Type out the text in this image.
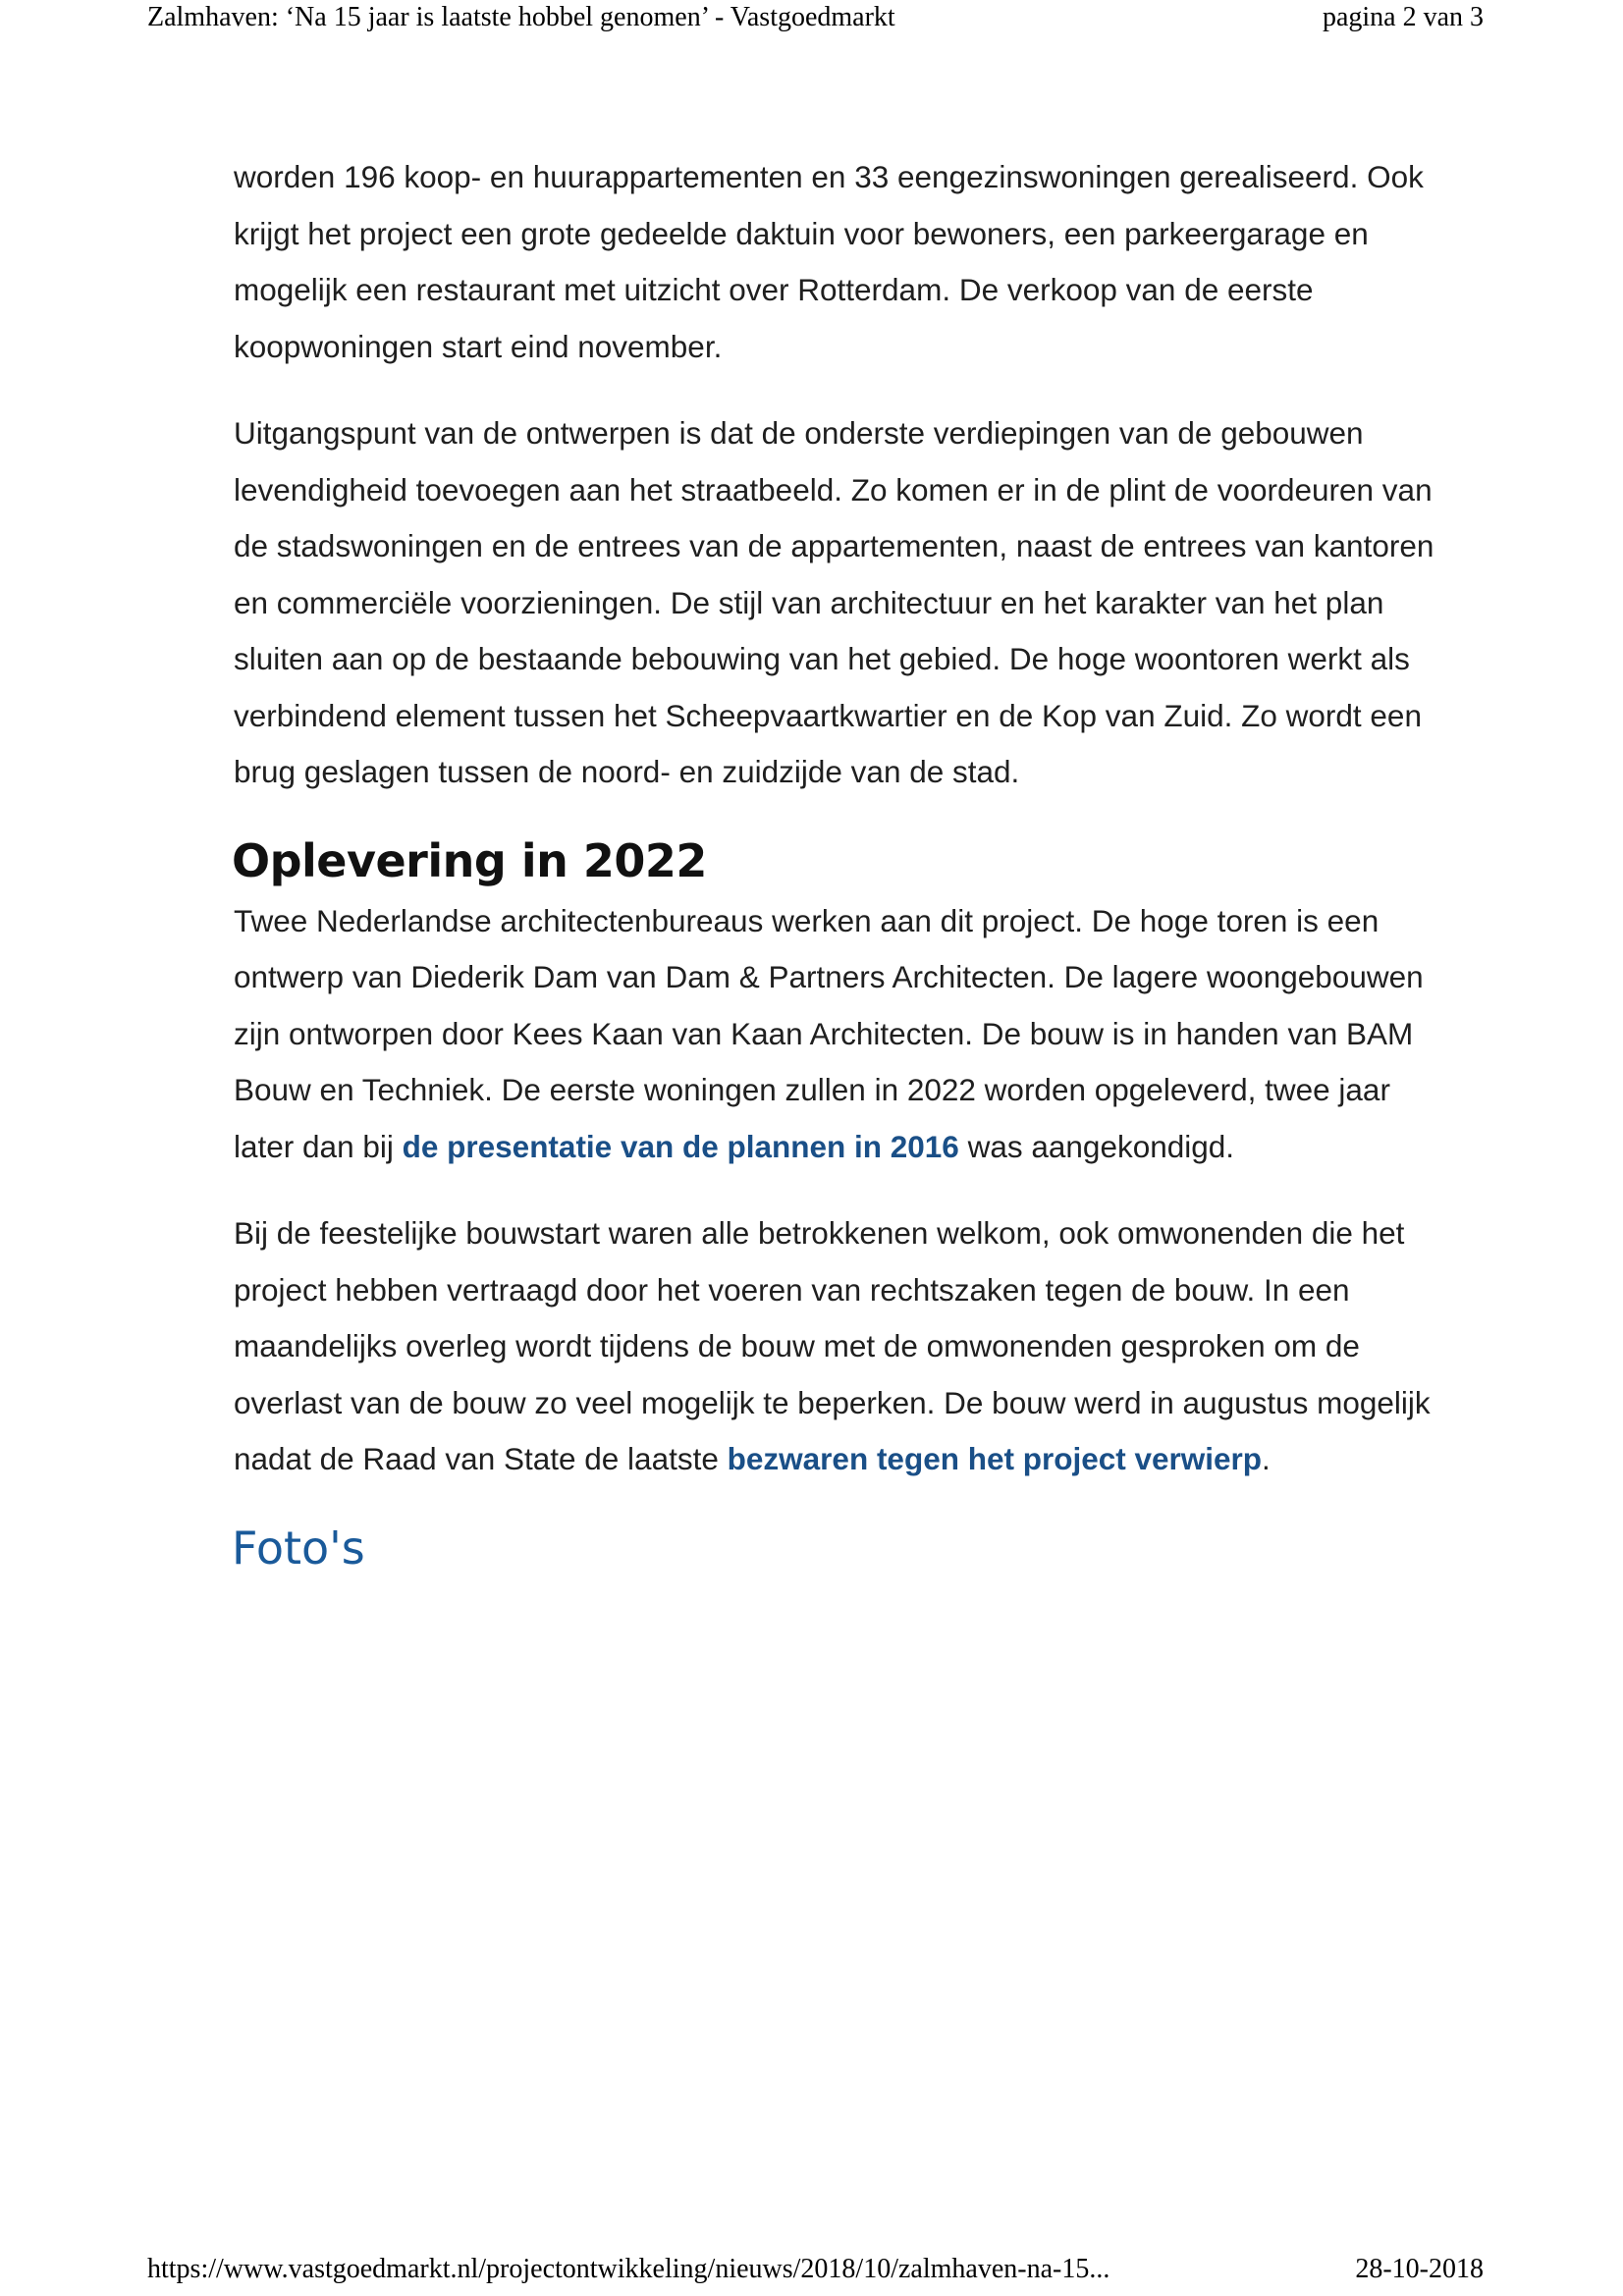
Zalmhaven: ‘Na 15 jaar is laatste hobbel genomen’ - Vastgoedmarkt	pagina 2 van 3

worden 196 koop- en huurappartementen en 33 eengezinswoningen gerealiseerd. Ook krijgt het project een grote gedeelde daktuin voor bewoners, een parkeergarage en mogelijk een restaurant met uitzicht over Rotterdam. De verkoop van de eerste koopwoningen start eind november.

Uitgangspunt van de ontwerpen is dat de onderste verdiepingen van de gebouwen levendigheid toevoegen aan het straatbeeld. Zo komen er in de plint de voordeuren van de stadswoningen en de entrees van de appartementen, naast de entrees van kantoren en commerciële voorzieningen. De stijl van architectuur en het karakter van het plan sluiten aan op de bestaande bebouwing van het gebied. De hoge woontoren werkt als verbindend element tussen het Scheepvaartkwartier en de Kop van Zuid. Zo wordt een brug geslagen tussen de noord- en zuidzijde van de stad.

Oplevering in 2022

Twee Nederlandse architectenbureaus werken aan dit project. De hoge toren is een ontwerp van Diederik Dam van Dam & Partners Architecten. De lagere woongebouwen zijn ontworpen door Kees Kaan van Kaan Architecten. De bouw is in handen van BAM Bouw en Techniek. De eerste woningen zullen in 2022 worden opgeleverd, twee jaar later dan bij de presentatie van de plannen in 2016 was aangekondigd.

Bij de feestelijke bouwstart waren alle betrokkenen welkom, ook omwonenden die het project hebben vertraagd door het voeren van rechtszaken tegen de bouw. In een maandelijks overleg wordt tijdens de bouw met de omwonenden gesproken om de overlast van de bouw zo veel mogelijk te beperken. De bouw werd in augustus mogelijk nadat de Raad van State de laatste bezwaren tegen het project verwierp.

Foto's
https://www.vastgoedmarkt.nl/projectontwikkeling/nieuws/2018/10/zalmhaven-na-15...	28-10-2018
